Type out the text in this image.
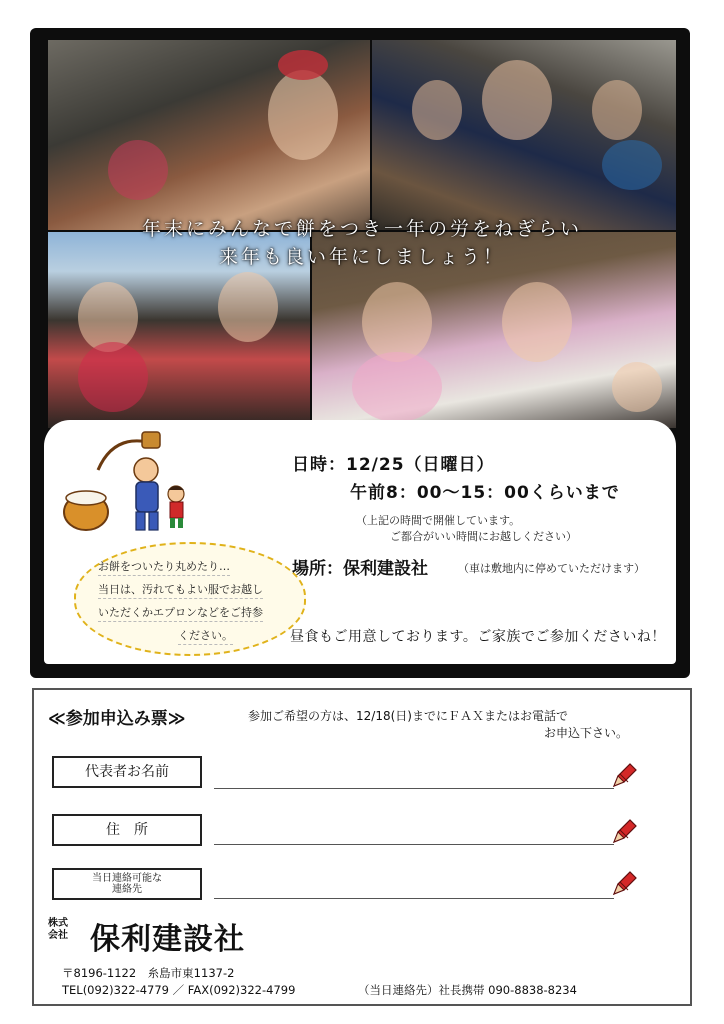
年末にみんなで餅をつき一年の労をねぎらい
来年も良い年にしましょう！
お餅をついたり丸めたり…
当日は、汚れてもよい服でお越し
いただくかエプロンなどをご持参
ください。
日時：12/25（日曜日）
午前8：00～15：00くらいまで
（上記の時間で開催しています。
ご都合がいい時間にお越しください）
場所：保利建設社	（車は敷地内に停めていただけます）
昼食もご用意しております。ご家族でご参加くださいね！
≪参加申込み票≫	参加ご希望の方は、12/18(日)までにＦＡＸまたはお電話で
お申込下さい。
代表者お名前
住　所
当日連絡可能な
連絡先
株式
会社 保利建設社
〒8196-1122　糸島市東1137-2
TEL(092)322-4779 ／ FAX(092)322-4799	（当日連絡先）社長携帯 090-8838-8234
